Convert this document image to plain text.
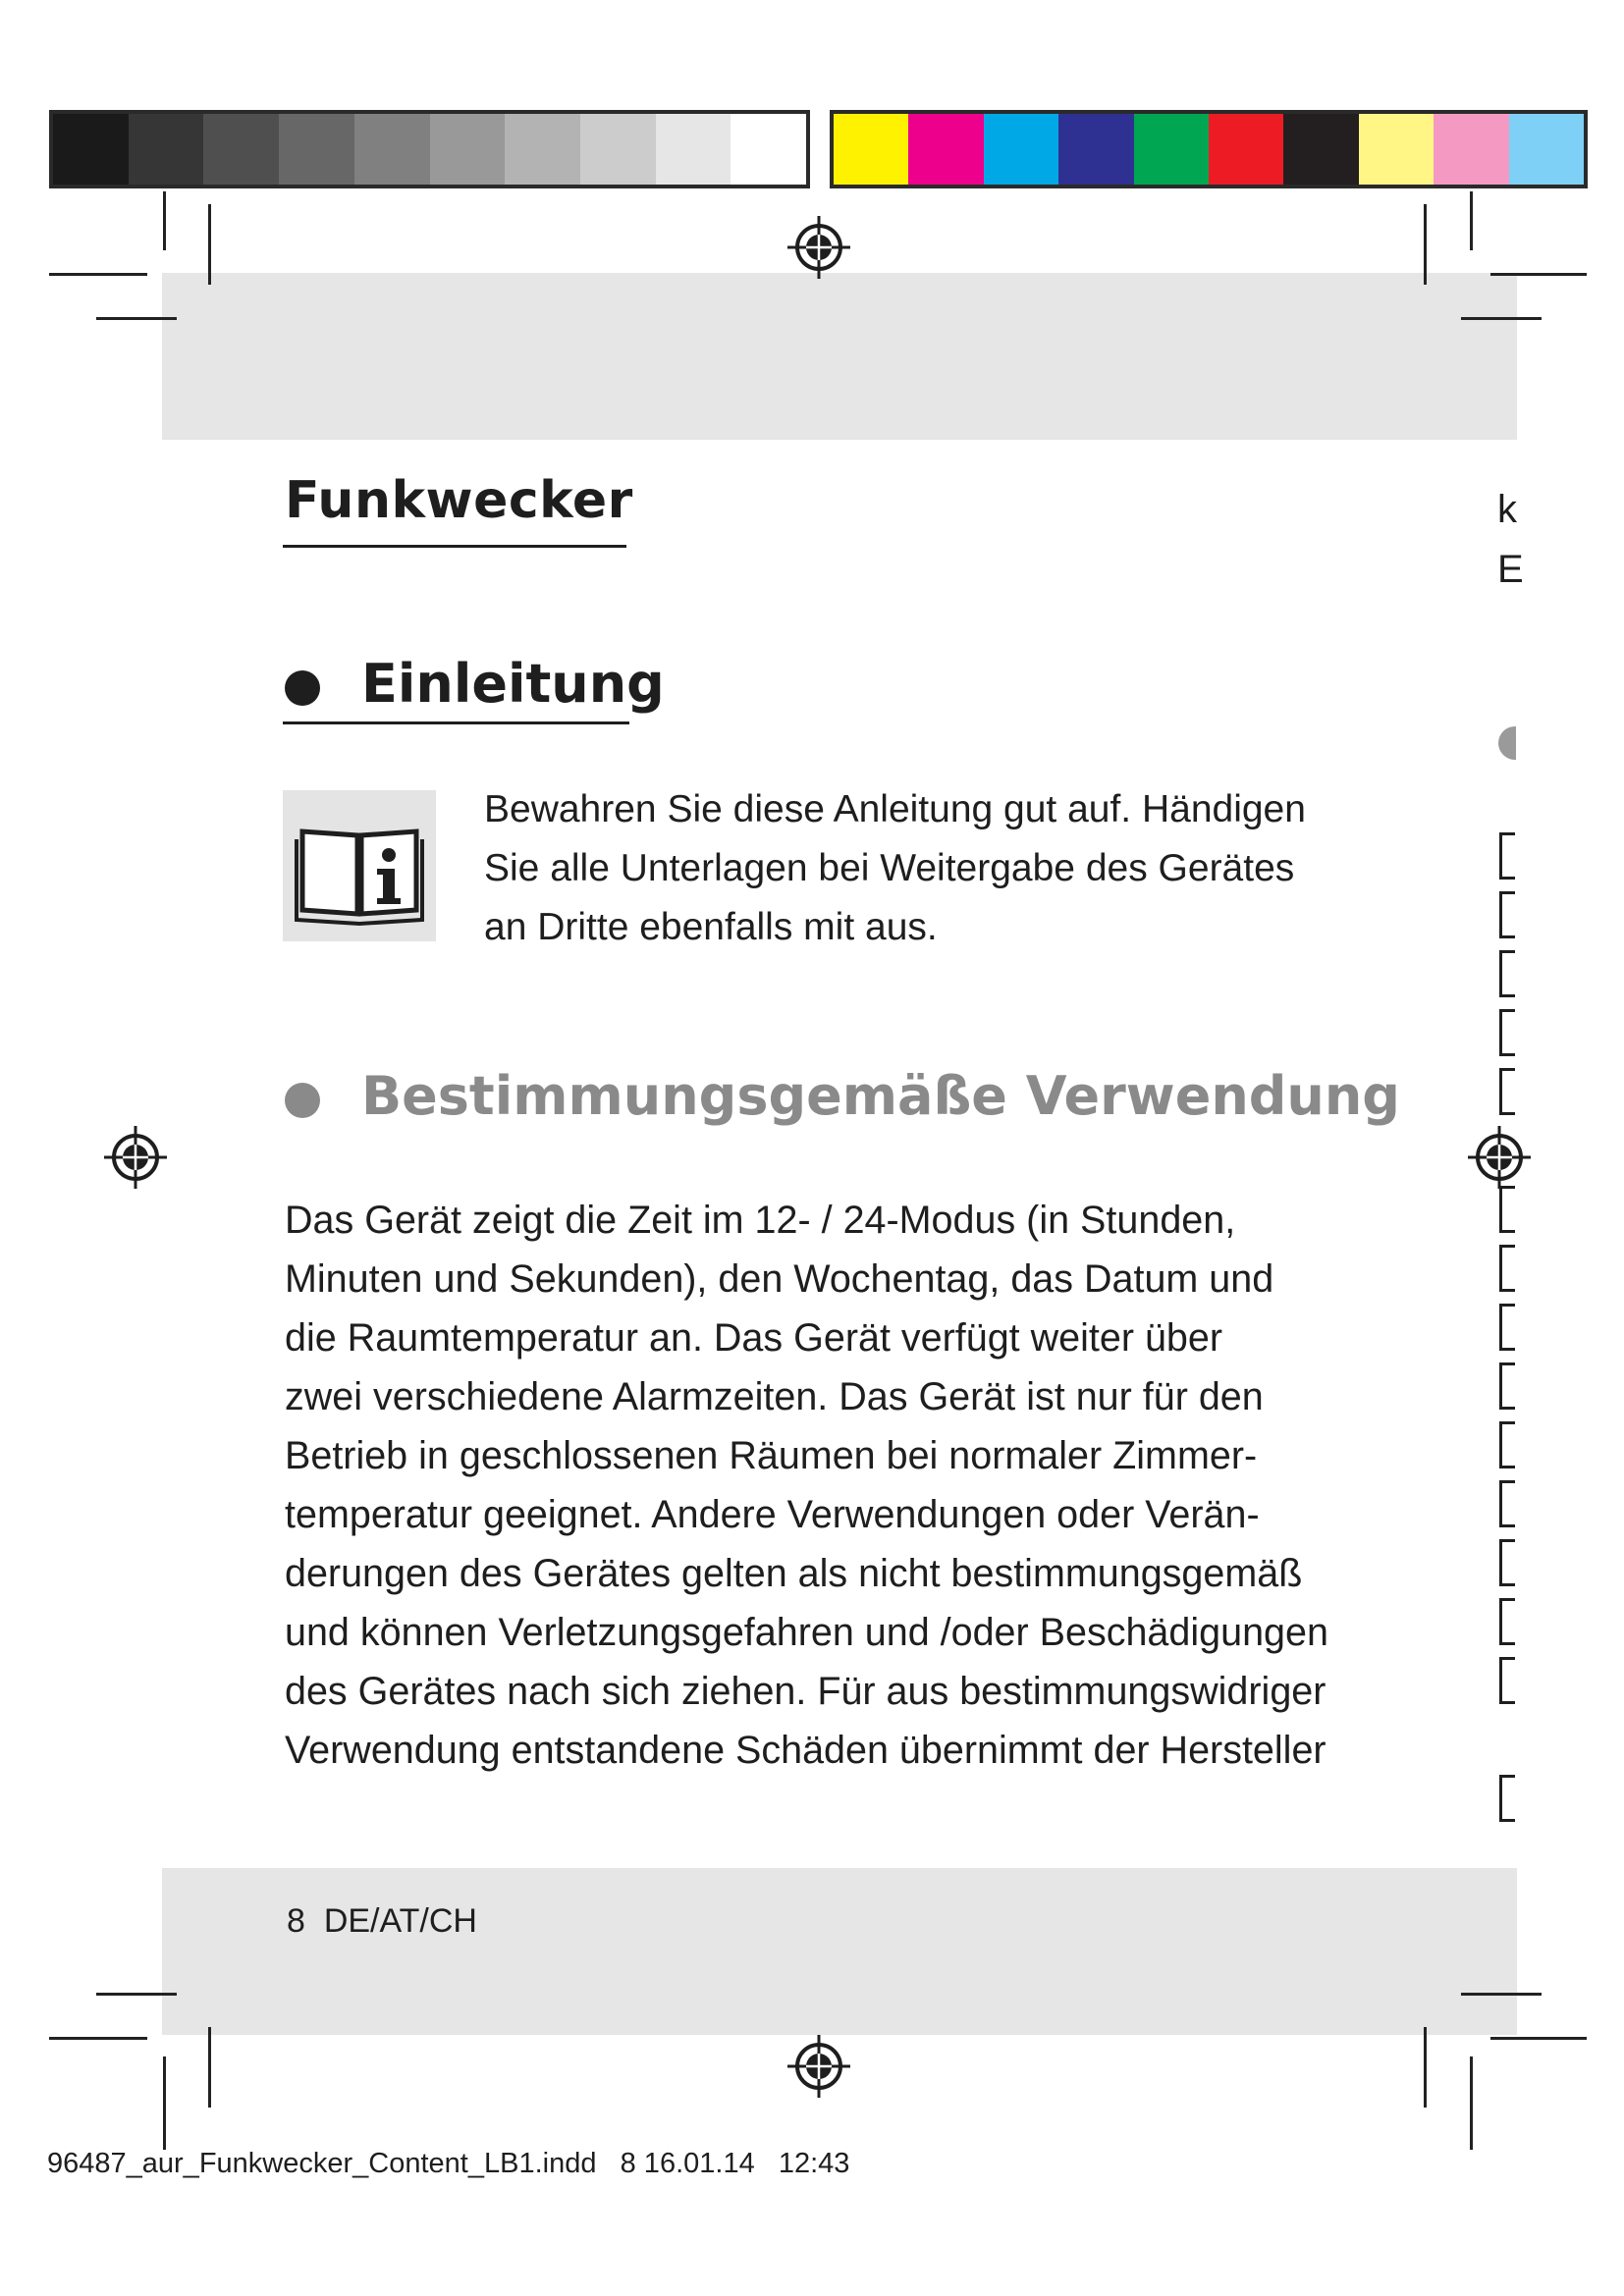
Funkwecker
Einleitung

Bewahren Sie diese Anleitung gut auf. Händigen

Sie alle Unterlagen bei Weitergabe des Gerätes

an Dritte ebenfalls mit aus.

Bestimmungsgemäße Verwendung

Das Gerät zeigt die Zeit im 12- / 24-Modus (in Stunden,

Minuten und Sekunden), den Wochentag, das Datum und

die Raumtemperatur an. Das Gerät verfügt weiter über

zwei verschiedene Alarmzeiten. Das Gerät ist nur für den

Betrieb in geschlossenen Räumen bei normaler Zimmer-

temperatur geeignet. Andere Verwendungen oder Verän-

derungen des Gerätes gelten als nicht bestimmungsgemäß

und können Verletzungsgefahren und /oder Beschädigungen

des Gerätes nach sich ziehen. Für aus bestimmungswidriger

Verwendung entstandene Schäden übernimmt der Hersteller

8 DE/AT/CH
96487_aur_Funkwecker_Content_LB1.indd   8 16.01.14   12:43
k
E
